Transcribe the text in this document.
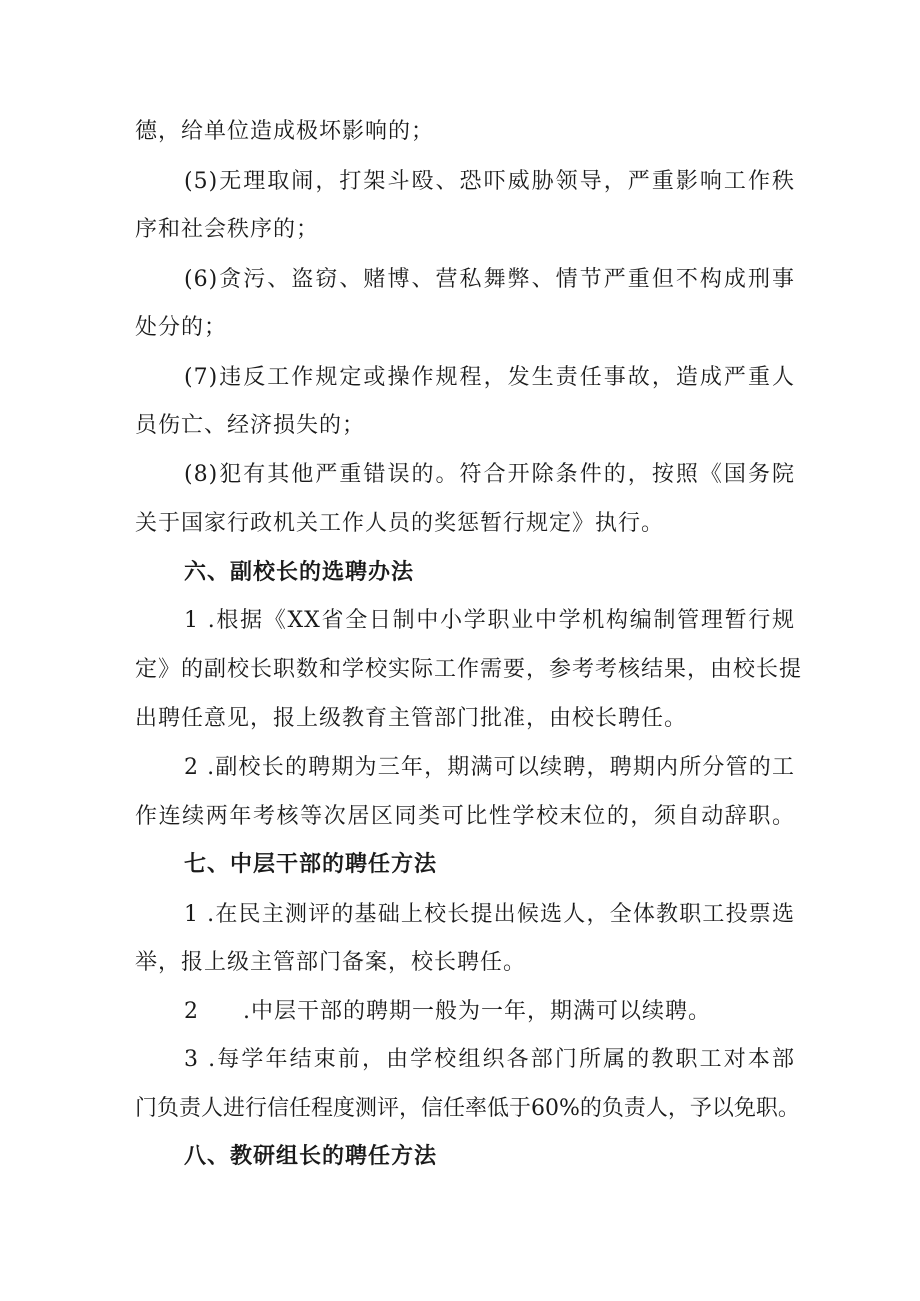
德，给单位造成极坏影响的；
(5)无理取闹，打架斗殴、恐吓威胁领导，严重影响工作秩
序和社会秩序的；
(6)贪污、盗窃、赌博、营私舞弊、情节严重但不构成刑事
处分的；
(7)违反工作规定或操作规程，发生责任事故，造成严重人
员伤亡、经济损失的；
(8)犯有其他严重错误的。符合开除条件的，按照《国务院
关于国家行政机关工作人员的奖惩暂行规定》执行。
六、副校长的选聘办法
1 .根据《XX省全日制中小学职业中学机构编制管理暂行规
定》的副校长职数和学校实际工作需要，参考考核结果，由校长提
出聘任意见，报上级教育主管部门批准，由校长聘任。
2 .副校长的聘期为三年，期满可以续聘，聘期内所分管的工
作连续两年考核等次居区同类可比性学校末位的，须自动辞职。
七、中层干部的聘任方法
1 .在民主测评的基础上校长提出候选人，全体教职工投票选
举，报上级主管部门备案，校长聘任。
2 .中层干部的聘期一般为一年，期满可以续聘。
3 .每学年结束前，由学校组织各部门所属的教职工对本部
门负责人进行信任程度测评，信任率低于60%的负责人，予以免职。
八、教研组长的聘任方法
